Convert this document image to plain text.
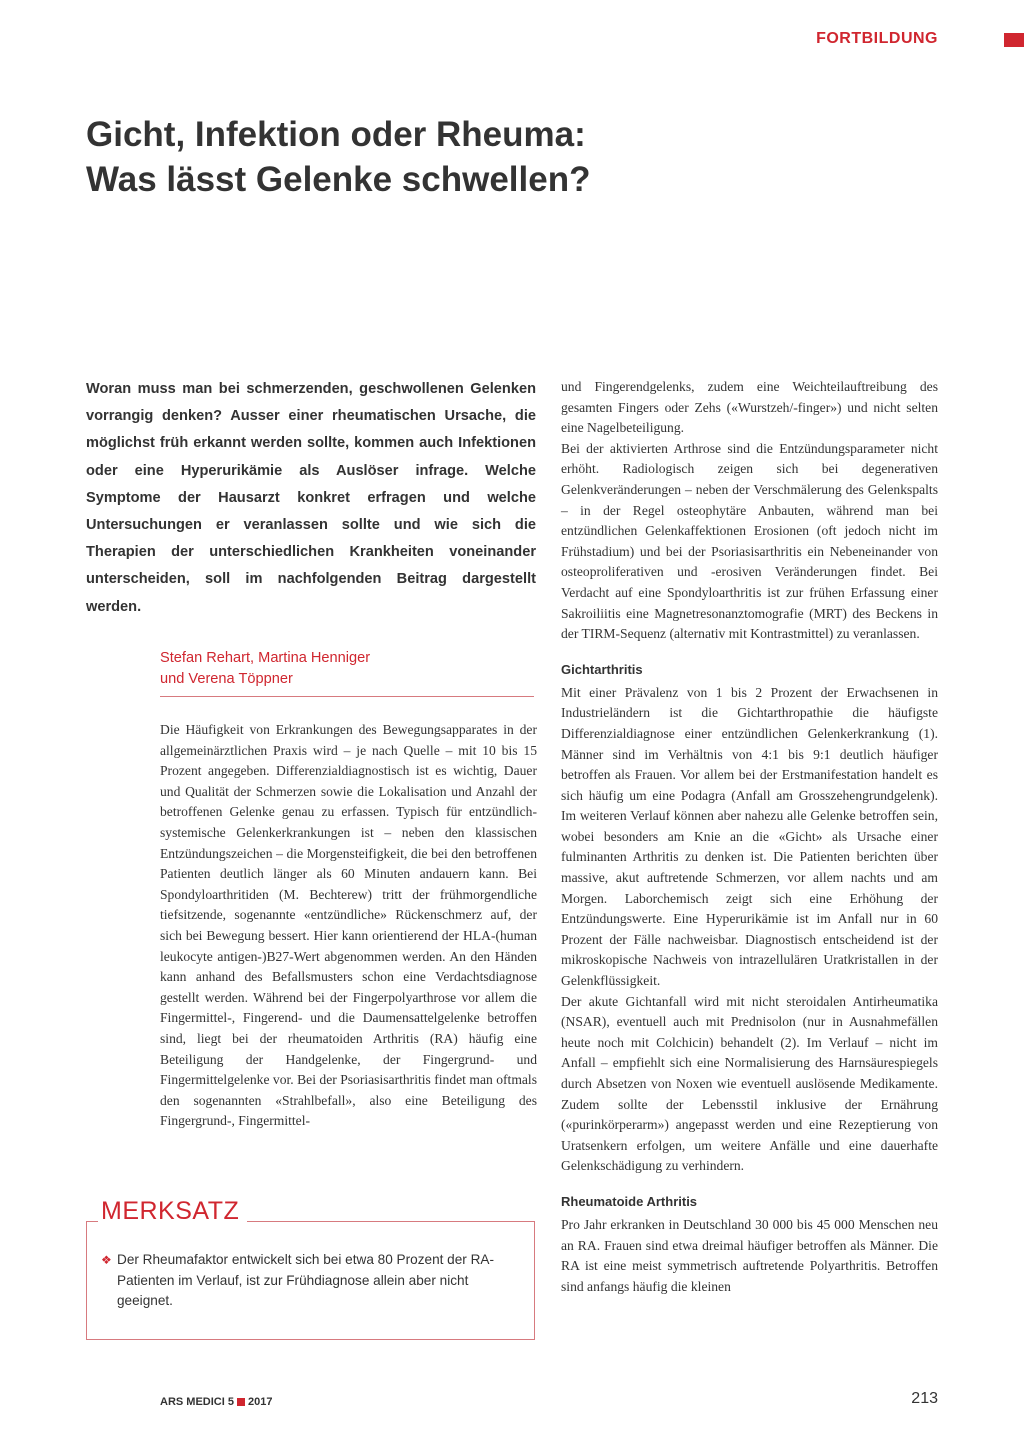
FORTBILDUNG
Gicht, Infektion oder Rheuma:
Was lässt Gelenke schwellen?

Woran muss man bei schmerzenden, geschwollenen Gelenken vorrangig denken? Ausser einer rheumatischen Ursache, die möglichst früh erkannt werden sollte, kommen auch Infektionen oder eine Hyperurikämie als Auslöser infrage. Welche Symptome der Hausarzt konkret erfragen und welche Untersuchungen er veranlassen sollte und wie sich die Therapien der unterschiedlichen Krankheiten voneinander unterscheiden, soll im nachfolgenden Beitrag dargestellt werden.

Stefan Rehart, Martina Henniger
und Verena Töppner

Die Häufigkeit von Erkrankungen des Bewegungsapparates in der allgemeinärztlichen Praxis wird – je nach Quelle – mit 10 bis 15 Prozent angegeben. Differenzialdiagnostisch ist es wichtig, Dauer und Qualität der Schmerzen sowie die Lokalisation und Anzahl der betroffenen Gelenke genau zu erfassen. Typisch für entzündlich-systemische Gelenkerkrankungen ist – neben den klassischen Entzündungszeichen – die Morgensteifigkeit, die bei den betroffenen Patienten deutlich länger als 60 Minuten andauern kann. Bei Spondyloarthritiden (M. Bechterew) tritt der frühmorgendliche tiefsitzende, sogenannte «entzündliche» Rückenschmerz auf, der sich bei Bewegung bessert. Hier kann orientierend der HLA-(human leukocyte antigen-)B27-Wert abgenommen werden. An den Händen kann anhand des Befallsmusters schon eine Verdachtsdiagnose gestellt werden. Während bei der Fingerpolyarthrose vor allem die Fingermittel-, Fingerend- und die Daumensattelgelenke betroffen sind, liegt bei der rheumatoiden Arthritis (RA) häufig eine Beteiligung der Handgelenke, der Fingergrund- und Fingermittelgelenke vor. Bei der Psoriasisarthritis findet man oftmals den sogenannten «Strahlbefall», also eine Beteiligung des Fingergrund-, Fingermittel-

und Fingerendgelenks, zudem eine Weichteilauftreibung des gesamten Fingers oder Zehs («Wurstzeh/-finger») und nicht selten eine Nagelbeteiligung.

Bei der aktivierten Arthrose sind die Entzündungsparameter nicht erhöht. Radiologisch zeigen sich bei degenerativen Gelenkveränderungen – neben der Verschmälerung des Gelenkspalts – in der Regel osteophytäre Anbauten, während man bei entzündlichen Gelenkaffektionen Erosionen (oft jedoch nicht im Frühstadium) und bei der Psoriasisarthritis ein Nebeneinander von osteoproliferativen und -erosiven Veränderungen findet. Bei Verdacht auf eine Spondyloarthritis ist zur frühen Erfassung einer Sakroiliitis eine Magnetresonanztomografie (MRT) des Beckens in der TIRM-Sequenz (alternativ mit Kontrastmittel) zu veranlassen.

Gichtarthritis

Mit einer Prävalenz von 1 bis 2 Prozent der Erwachsenen in Industrieländern ist die Gichtarthropathie die häufigste Differenzialdiagnose einer entzündlichen Gelenkerkrankung (1). Männer sind im Verhältnis von 4:1 bis 9:1 deutlich häufiger betroffen als Frauen. Vor allem bei der Erstmanifestation handelt es sich häufig um eine Podagra (Anfall am Grosszehengrundgelenk). Im weiteren Verlauf können aber nahezu alle Gelenke betroffen sein, wobei besonders am Knie an die «Gicht» als Ursache einer fulminanten Arthritis zu denken ist. Die Patienten berichten über massive, akut auftretende Schmerzen, vor allem nachts und am Morgen. Laborchemisch zeigt sich eine Erhöhung der Entzündungswerte. Eine Hyperurikämie ist im Anfall nur in 60 Prozent der Fälle nachweisbar. Diagnostisch entscheidend ist der mikroskopische Nachweis von intrazellulären Uratkristallen in der Gelenkflüssigkeit.

Der akute Gichtanfall wird mit nicht steroidalen Antirheumatika (NSAR), eventuell auch mit Prednisolon (nur in Ausnahmefällen heute noch mit Colchicin) behandelt (2). Im Verlauf – nicht im Anfall – empfiehlt sich eine Normalisierung des Harnsäurespiegels durch Absetzen von Noxen wie eventuell auslösende Medikamente. Zudem sollte der Lebensstil inklusive der Ernährung («purinkörperarm») angepasst werden und eine Rezeptierung von Uratsenkern erfolgen, um weitere Anfälle und eine dauerhafte Gelenkschädigung zu verhindern.

Rheumatoide Arthritis

Pro Jahr erkranken in Deutschland 30 000 bis 45 000 Menschen neu an RA. Frauen sind etwa dreimal häufiger betroffen als Männer. Die RA ist eine meist symmetrisch auftretende Polyarthritis. Betroffen sind anfangs häufig die kleinen

MERKSATZ
❖ Der Rheumafaktor entwickelt sich bei etwa 80 Prozent der RA-Patienten im Verlauf, ist zur Frühdiagnose allein aber nicht geeignet.
ARS MEDICI 5 2017	213
